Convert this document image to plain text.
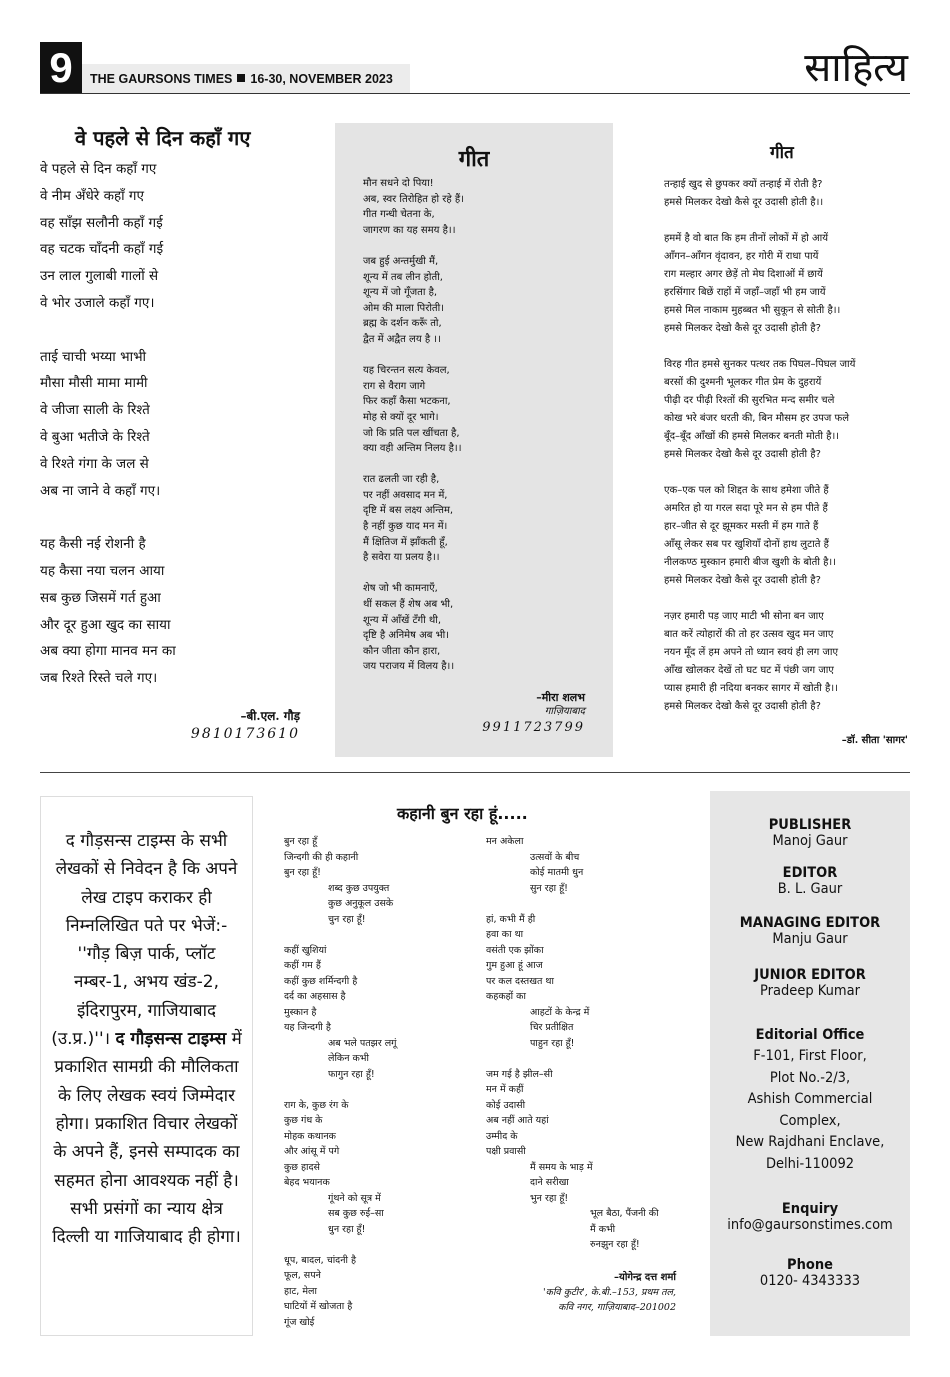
9	THE GAURSONS TIMES 16-30, NOVEMBER 2023	साहित्य
वे पहले से दिन कहाँ गए
वे पहले से दिन कहाँ गए
वे नीम अँधेरे कहाँ गए
वह साँझ सलौनी कहाँ गई
वह चटक चाँदनी कहाँ गई
उन लाल गुलाबी गालों से
वे भोर उजाले कहाँ गए।
ताई चाची भय्या भाभी
मौसा मौसी मामा मामी
वे जीजा साली के रिश्ते
वे बुआ भतीजे के रिश्ते
वे रिश्ते गंगा के जल से
अब ना जाने वे कहाँ गए।
यह कैसी नई रोशनी है
यह कैसा नया चलन आया
सब कुछ जिसमें गर्त हुआ
और दूर हुआ खुद का साया
अब क्या होगा मानव मन का
जब रिश्ते रिस्ते चले गए।
–बी.एल. गौड़
9810173610
गीत
मौन सधने दो पिया!
अब, स्वर तिरोहित हो रहे हैं।
गीत गन्धी चेतना के,
जागरण का यह समय है।।
जब हुई अन्तर्मुखी मैं,
शून्य में तब लीन होती,
शून्य में जो गूँजता है,
ओम की माला पिरोती।
ब्रह्म के दर्शन करूँ तो,
द्वैत में अद्वैत लय है ।।
यह चिरन्तन सत्य केवल,
राग से वैराग जागे
फिर कहाँ कैसा भटकना,
मोह से क्यों दूर भागे।
जो कि प्रति पल खींचता है,
क्या वही अन्तिम निलय है।।
रात ढलती जा रही है,
पर नहीं अवसाद मन में,
दृष्टि में बस लक्ष्य अन्तिम,
है नहीं कुछ याद मन में।
मैं क्षितिज में झाँकती हूँ,
है सवेरा या प्रलय है।।
शेष जो भी कामनाएँ,
थीं सकल हैं शेष अब भी,
शून्य में आँखें टँगी थी,
दृष्टि है अनिमेष अब भी।
कौन जीता कौन हारा,
जय पराजय में विलय है।।
–मीरा शलभ
गाज़ियाबाद
9911723799
गीत
तन्हाई खुद से छुपकर क्यों तन्हाई में रोती है?
हमसे मिलकर देखो कैसे दूर उदासी होती है।।
हममें है वो बात कि हम तीनों लोकों में हो आयें
आँगन–आँगन वृंदावन, हर गोरी में राधा पायें
राग मल्हार अगर छेड़ें तो मेघ दिशाओं में छायें
हरसिंगार बिछें राहों में जहाँ–जहाँ भी हम जायें
हमसे मिल नाकाम मुहब्बत भी सुकून से सोती है।।
हमसे मिलकर देखो कैसे दूर उदासी होती है?
विरह गीत हमसे सुनकर पत्थर तक पिघल–पिघल जायें
बरसों की दुश्मनी भूलकर गीत प्रेम के दुहरायें
पीढ़ी दर पीढ़ी रिश्तों की सुरभित मन्द समीर चले
कोख भरे बंजर धरती की, बिन मौसम हर उपज फले
बूँद–बूँद आँखों की हमसे मिलकर बनती मोती है।।
हमसे मिलकर देखो कैसे दूर उदासी होती है?
एक–एक पल को शिद्दत के साथ हमेशा जीते हैं
अमरित हो या गरल सदा पूरे मन से हम पीते हैं
हार–जीत से दूर झूमकर मस्ती में हम गाते हैं
आँसू लेकर सब पर खुशियाँ दोनों हाथ लुटाते हैं
नीलकण्ठ मुस्कान हमारी बीज खुशी के बोती है।।
हमसे मिलकर देखो कैसे दूर उदासी होती है?
नज़र हमारी पड़ जाए माटी भी सोना बन जाए
बात करें त्योहारों की तो हर उत्सव खुद मन जाए
नयन मूँद लें हम अपने तो ध्यान स्वयं ही लग जाए
आँख खोलकर देखें तो घट घट में पंछी जग जाए
प्यास हमारी ही नदिया बनकर सागर में खोती है।।
हमसे मिलकर देखो कैसे दूर उदासी होती है?
–डॉ. सीता 'सागर'
द गौड़सन्स टाइम्स के सभी लेखकों से निवेदन है कि अपने लेख टाइप कराकर ही निम्नलिखित पते पर भेजें:- ''गौड़ बिज़ पार्क, प्लॉट नम्बर-1, अभय खंड-2, इंदिरापुरम, गाजियाबाद (उ.प्र.)''। द गौड़सन्स टाइम्स में प्रकाशित सामग्री की मौलिकता के लिए लेखक स्वयं जिम्मेदार होगा। प्रकाशित विचार लेखकों के अपने हैं, इनसे सम्पादक का सहमत होना आवश्यक नहीं है। सभी प्रसंगों का न्याय क्षेत्र दिल्ली या गाजियाबाद ही होगा।
कहानी बुन रहा हूं.....
बुन रहा हूँ
जिन्दगी की ही कहानी
बुन रहा हूँ!
शब्द कुछ उपयुक्त
कुछ अनुकूल उसके
चुन रहा हूँ!
कहीं खुशियां
कहीं गम हैं
कहीं कुछ शर्मिन्दगी है
दर्द का अहसास है
मुस्कान है
यह जिन्दगी है
अब भले पतझर लगूं
लेकिन कभी
फागुन रहा हूँ!
राग के, कुछ रंग के
कुछ गंध के
मोहक कथानक
और आंसू में पगे
कुछ हादसे
बेहद भयानक
गूंथने को सूत्र में
सब कुछ रुई–सा
धुन रहा हूँ!
धूप, बादल, चांदनी है
फूल, सपने
हाट, मेला
घाटियों में खोजता है
गूंज खोई
मन अकेला
उत्सवों के बीच
कोई मातमी धुन
सुन रहा हूँ!
हां, कभी मैं ही
हवा का था
वसंती एक झोंका
गुम हुआ हूं आज
पर कल दस्तखत था
कहकहों का
आहटों के केन्द्र में
चिर प्रतीक्षित
पाहुन रहा हूँ!
जम गई है झील–सी
मन में कहीं
कोई उदासी
अब नहीं आते यहां
उम्मीद के
पक्षी प्रवासी
मैं समय के भाड़ में
दाने सरीखा
भुन रहा हूँ!
भूल बैठा, पैंजनी की
मैं कभी
रुनझुन रहा हूँ!
–योगेन्द्र दत्त शर्मा
'कवि कुटीर', के.बी.–153, प्रथम तल,
कवि नगर, गाज़ियाबाद–201002
PUBLISHER
Manoj Gaur
EDITOR
B. L. Gaur
MANAGING EDITOR
Manju Gaur
JUNIOR EDITOR
Pradeep Kumar
Editorial Office
F-101, First Floor,
Plot No.-2/3,
Ashish Commercial
Complex,
New Rajdhani Enclave,
Delhi-110092
Enquiry
info@gaursonstimes.com
Phone
0120- 4343333
